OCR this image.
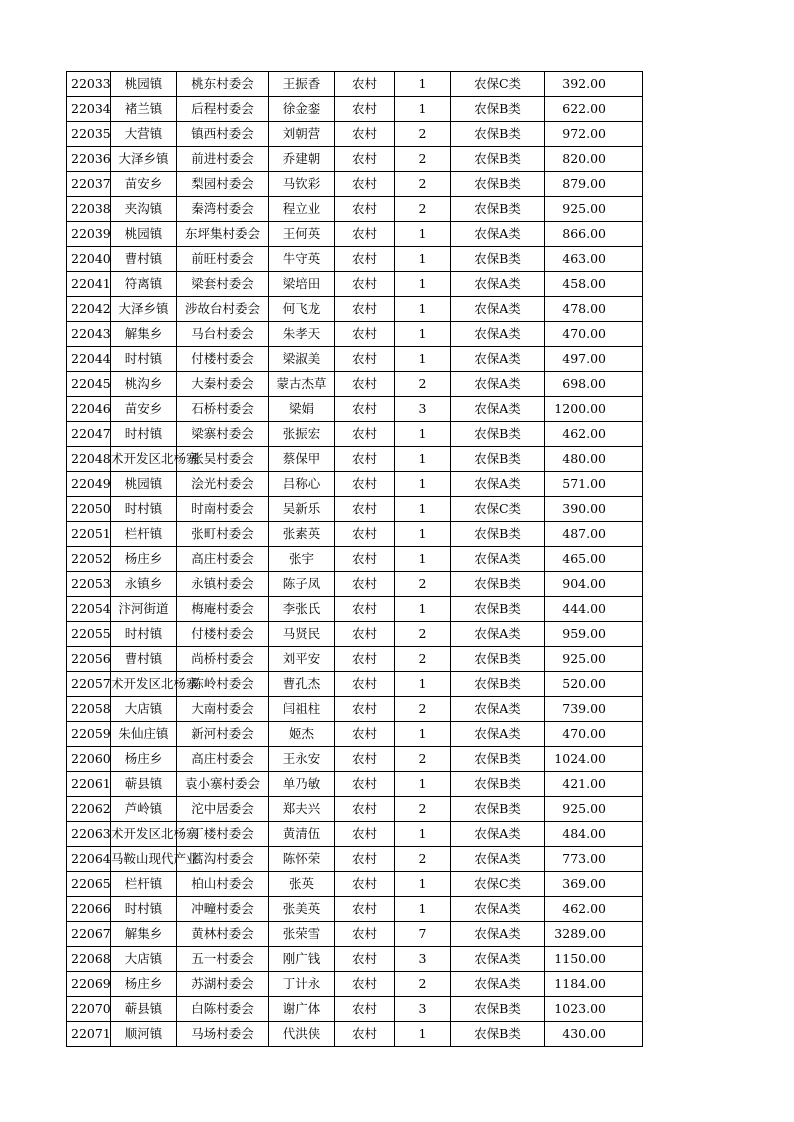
22033	桃园镇	桃东村委会	王振香	农村	1	农保C类	392.00
22034	褚兰镇	后程村委会	徐金銮	农村	1	农保B类	622.00
22035	大营镇	镇西村委会	刘朝营	农村	2	农保B类	972.00
22036	大泽乡镇	前进村委会	乔建朝	农村	2	农保B类	820.00
22037	苗安乡	梨园村委会	马钦彩	农村	2	农保B类	879.00
22038	夹沟镇	秦湾村委会	程立业	农村	2	农保B类	925.00
22039	桃园镇	东坪集村委会	王何英	农村	1	农保A类	866.00
22040	曹村镇	前旺村委会	牛守英	农村	1	农保B类	463.00
22041	符离镇	梁套村委会	梁培田	农村	1	农保A类	458.00
22042	大泽乡镇	涉故台村委会	何飞龙	农村	1	农保A类	478.00
22043	解集乡	马台村委会	朱孝天	农村	1	农保A类	470.00
22044	时村镇	付楼村委会	梁淑美	农村	1	农保A类	497.00
22045	桃沟乡	大秦村委会	蒙古杰草	农村	2	农保A类	698.00
22046	苗安乡	石桥村委会	梁娟	农村	3	农保A类	1200.00
22047	时村镇	梁寨村委会	张振宏	农村	1	农保B类	462.00
22048	术开发区北杨寨	张吴村委会	蔡保甲	农村	1	农保B类	480.00
22049	桃园镇	浍光村委会	吕称心	农村	1	农保A类	571.00
22050	时村镇	时南村委会	吴新乐	农村	1	农保C类	390.00
22051	栏杆镇	张町村委会	张素英	农村	1	农保B类	487.00
22052	杨庄乡	高庄村委会	张宇	农村	1	农保A类	465.00
22053	永镇乡	永镇村委会	陈子凤	农村	2	农保B类	904.00
22054	汴河街道	梅庵村委会	李张氏	农村	1	农保B类	444.00
22055	时村镇	付楼村委会	马贤民	农村	2	农保A类	959.00
22056	曹村镇	尚桥村委会	刘平安	农村	2	农保B类	925.00
22057	术开发区北杨寨	陈岭村委会	曹孔杰	农村	1	农保B类	520.00
22058	大店镇	大南村委会	闫祖柱	农村	2	农保A类	739.00
22059	朱仙庄镇	新河村委会	姬杰	农村	1	农保A类	470.00
22060	杨庄乡	高庄村委会	王永安	农村	2	农保B类	1024.00
22061	蕲县镇	袁小寨村委会	单乃敏	农村	1	农保B类	421.00
22062	芦岭镇	沱中居委会	郑夫兴	农村	2	农保B类	925.00
22063	术开发区北杨寨	丁楼村委会	黄清伍	农村	1	农保A类	484.00
22064	马鞍山现代产业	蒿沟村委会	陈怀荣	农村	2	农保A类	773.00
22065	栏杆镇	柏山村委会	张英	农村	1	农保C类	369.00
22066	时村镇	冲疃村委会	张美英	农村	1	农保A类	462.00
22067	解集乡	黄林村委会	张荣雪	农村	7	农保A类	3289.00
22068	大店镇	五一村委会	刚广钱	农村	3	农保A类	1150.00
22069	杨庄乡	苏湖村委会	丁计永	农村	2	农保A类	1184.00
22070	蕲县镇	白陈村委会	谢广体	农村	3	农保B类	1023.00
22071	顺河镇	马场村委会	代洪侠	农村	1	农保B类	430.00
